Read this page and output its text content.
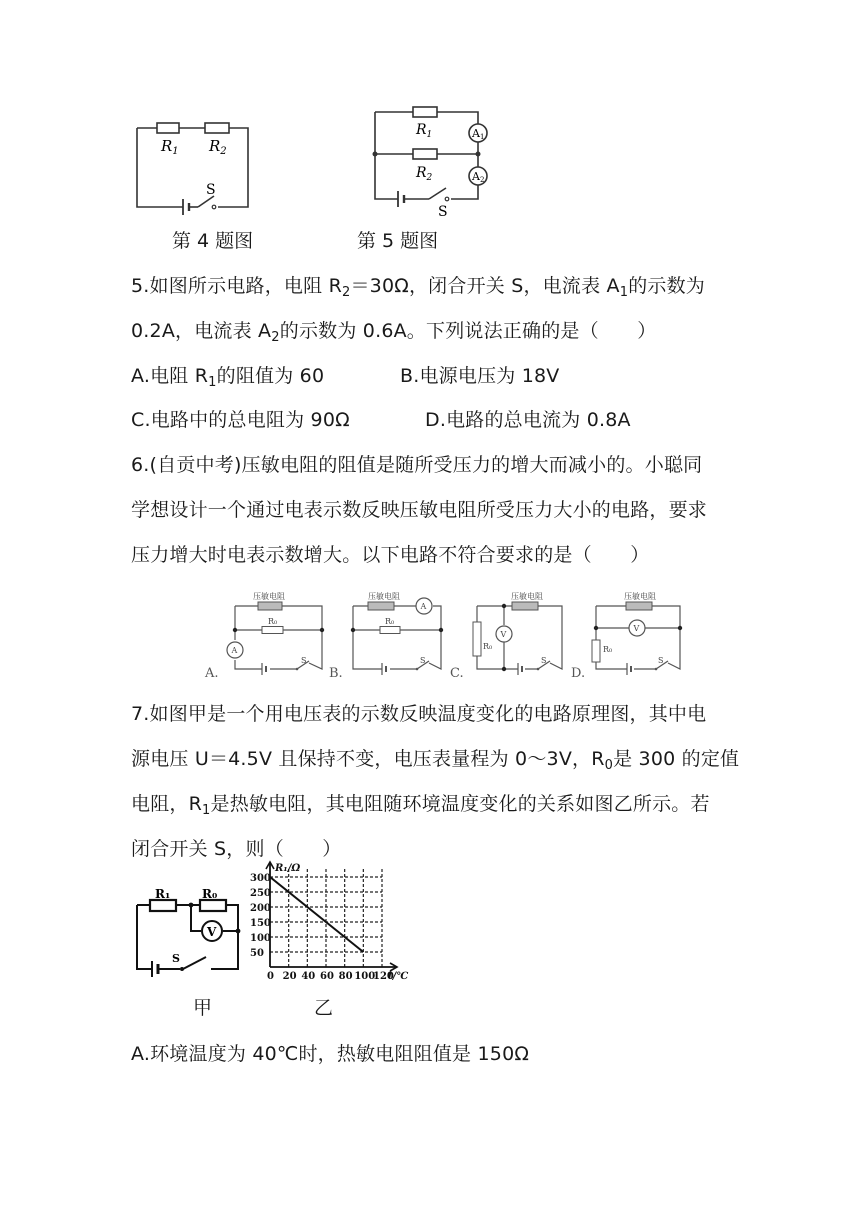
$R_1$ $R_2$
S
第 4 题图
$R_1$
$R_2$
A1
A2
S
第 5 题图
5.如图所示电路，电阻 $R_2=30\Omega$，闭合开关 S，电流表 $A_1$的示数为
0.2A，电流表 $A_2$的示数为 0.6A。下列说法正确的是（　　）
A.电阻 $R_1$的阻值为 60	B.电源电压为 18V
C.电路中的总电阻为 90Ω	D.电路的总电流为 0.8A
6.(自贡中考)压敏电阻的阻值是随所受压力的增大而减小的。小聪同
学想设计一个通过电表示数反映压敏电阻所受压力大小的电路，要求
压力增大时电表示数增大。以下电路不符合要求的是（　　）
A
压敏电阻
R₀
S
A.
A
压敏电阻
R₀
S
B.
V
压敏电阻
R₀
S
C.
V
压敏电阻
R₀
S
D.
7.如图甲是一个用电压表的示数反映温度变化的电路原理图，其中电
源电压 U＝4.5V 且保持不变，电压表量程为 0～3V，$R_0$是 300 的定值
电阻，$R_1$是热敏电阻，其电阻随环境温度变化的关系如图乙所示。若
闭合开关 S，则（　　）
R₁	R₀
V
S
甲
0 20 40 60 80 100
120
50
100
150
200
250
300
R₁/Ω
t/℃
乙
A.环境温度为 40℃时，热敏电阻阻值是 150Ω
